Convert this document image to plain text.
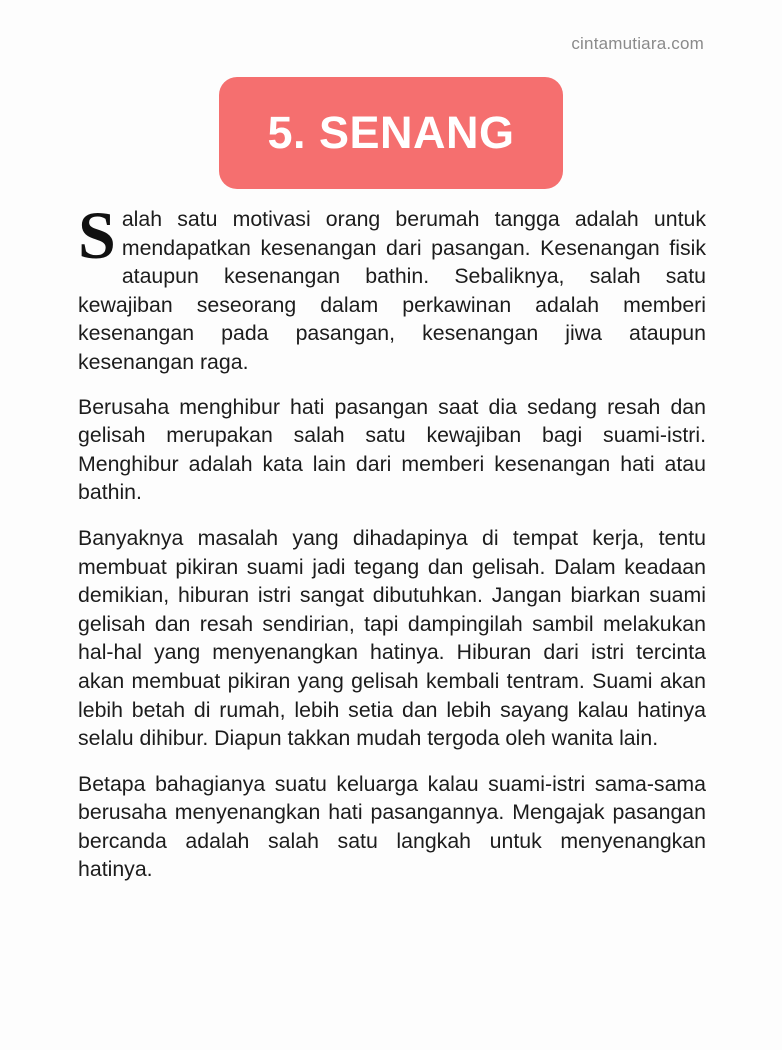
cintamutiara.com
5. SENANG

S alah satu motivasi orang berumah tangga adalah untuk mendapatkan kesenangan dari pasangan. Kesenangan fisik ataupun kesenangan bathin. Sebaliknya, salah satu kewajiban seseorang dalam perkawinan adalah memberi kesenangan pada pasangan, kesenangan jiwa ataupun kesenangan raga.

Berusaha menghibur hati pasangan saat dia sedang resah dan gelisah merupakan salah satu kewajiban bagi suami-istri. Menghibur adalah kata lain dari memberi kesenangan hati atau bathin.

Banyaknya masalah yang dihadapinya di tempat kerja, tentu membuat pikiran suami jadi tegang dan gelisah. Dalam keadaan demikian, hiburan istri sangat dibutuhkan. Jangan biarkan suami gelisah dan resah sendirian, tapi dampingilah sambil melakukan hal-hal yang menyenangkan hatinya. Hiburan dari istri tercinta akan membuat pikiran yang gelisah kembali tentram. Suami akan lebih betah di rumah, lebih setia dan lebih sayang kalau hatinya selalu dihibur. Diapun takkan mudah tergoda oleh wanita lain.

Betapa bahagianya suatu keluarga kalau suami-istri sama-sama berusaha menyenangkan hati pasangannya. Mengajak pasangan bercanda adalah salah satu langkah untuk menyenangkan hatinya.
